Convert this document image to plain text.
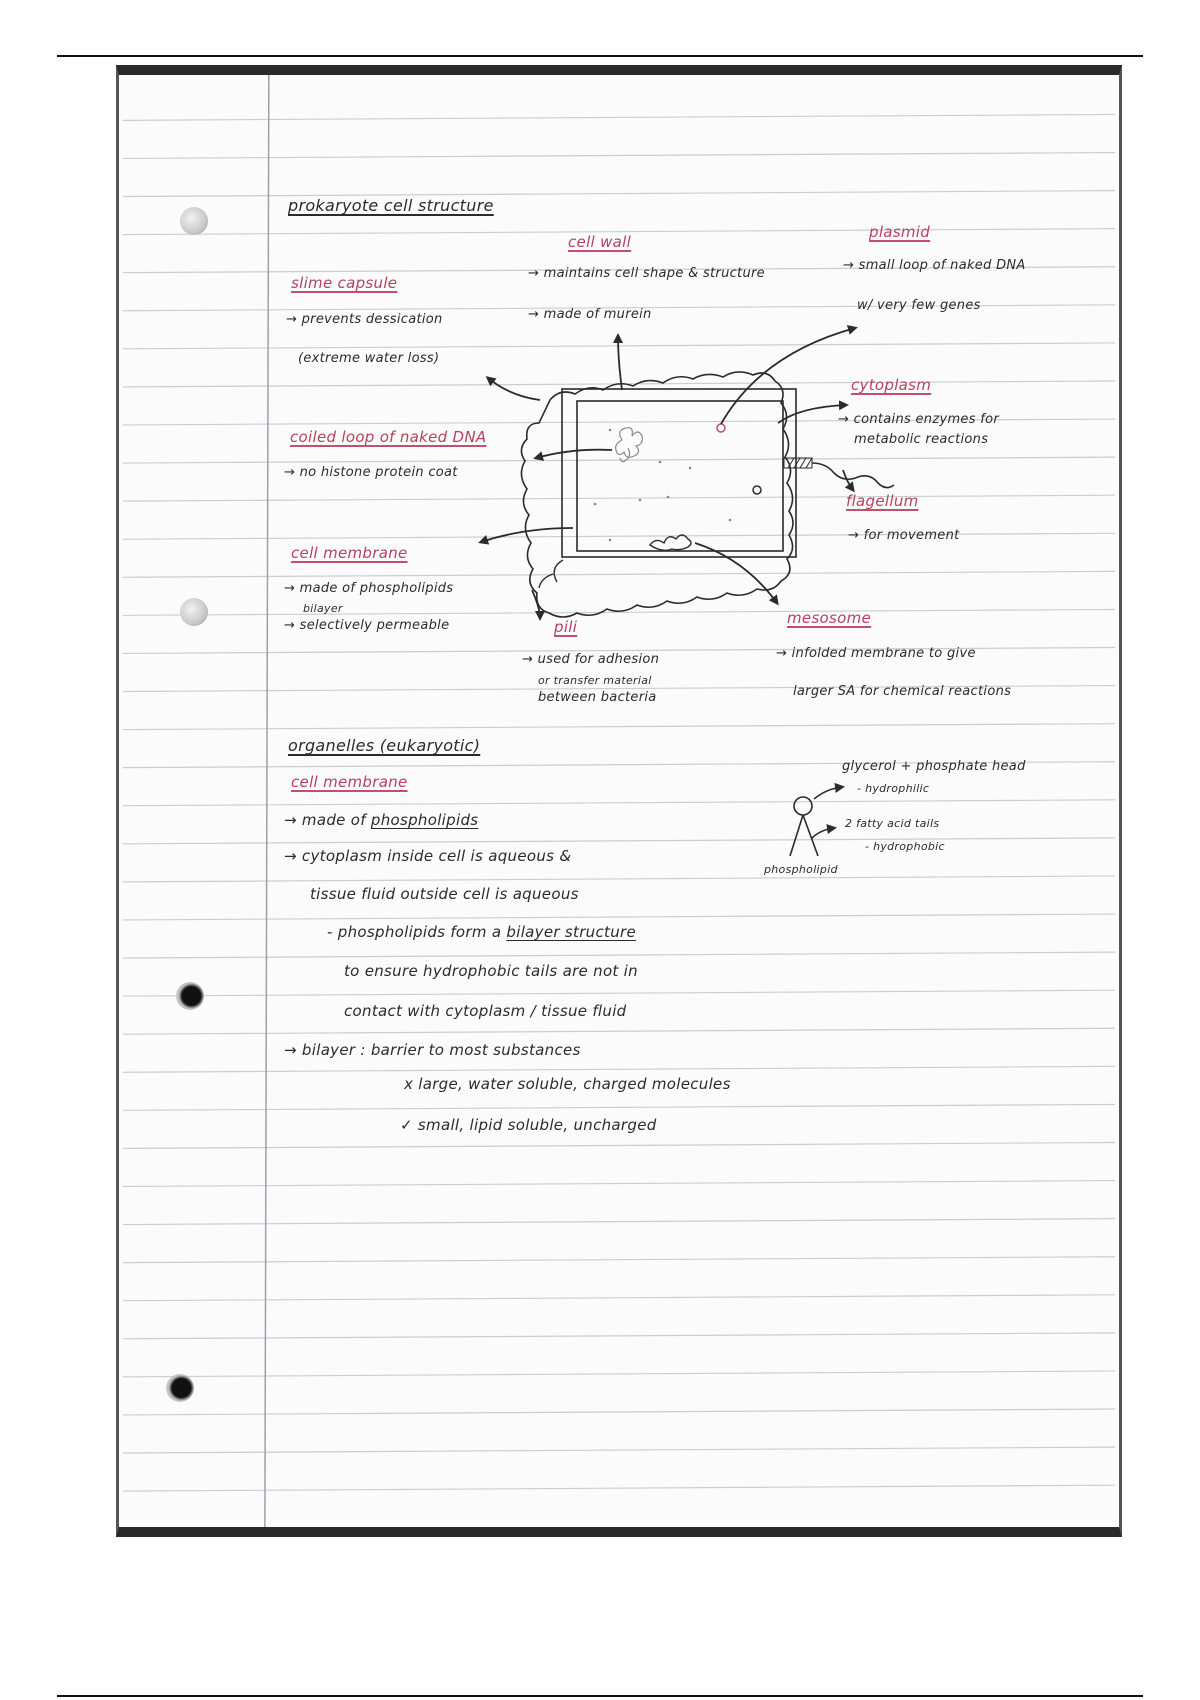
prokaryote cell structure
cell wall
→ maintains cell shape & structure
→ made of murein
plasmid
→ small loop of naked DNA
w/ very few genes
slime capsule
→ prevents dessication
(extreme water loss)
cytoplasm
→ contains enzymes for
metabolic reactions
coiled loop of naked DNA
→ no histone protein coat
flagellum
→ for movement
cell membrane
→ made of phospholipids
bilayer
→ selectively permeable	pili
→ used for adhesion
or transfer material
between bacteria
mesosome
→ infolded membrane to give
larger SA for chemical reactions
organelles (eukaryotic)
cell membrane
→ made of phospholipids
→ cytoplasm inside cell is aqueous &
tissue fluid outside cell is aqueous
- phospholipids form a bilayer structure
to ensure hydrophobic tails are not in
contact with cytoplasm / tissue fluid
→ bilayer : barrier to most substances
x large, water soluble, charged molecules
✓ small, lipid soluble, uncharged
glycerol + phosphate head
- hydrophilic
2 fatty acid tails
- hydrophobic
phospholipid
